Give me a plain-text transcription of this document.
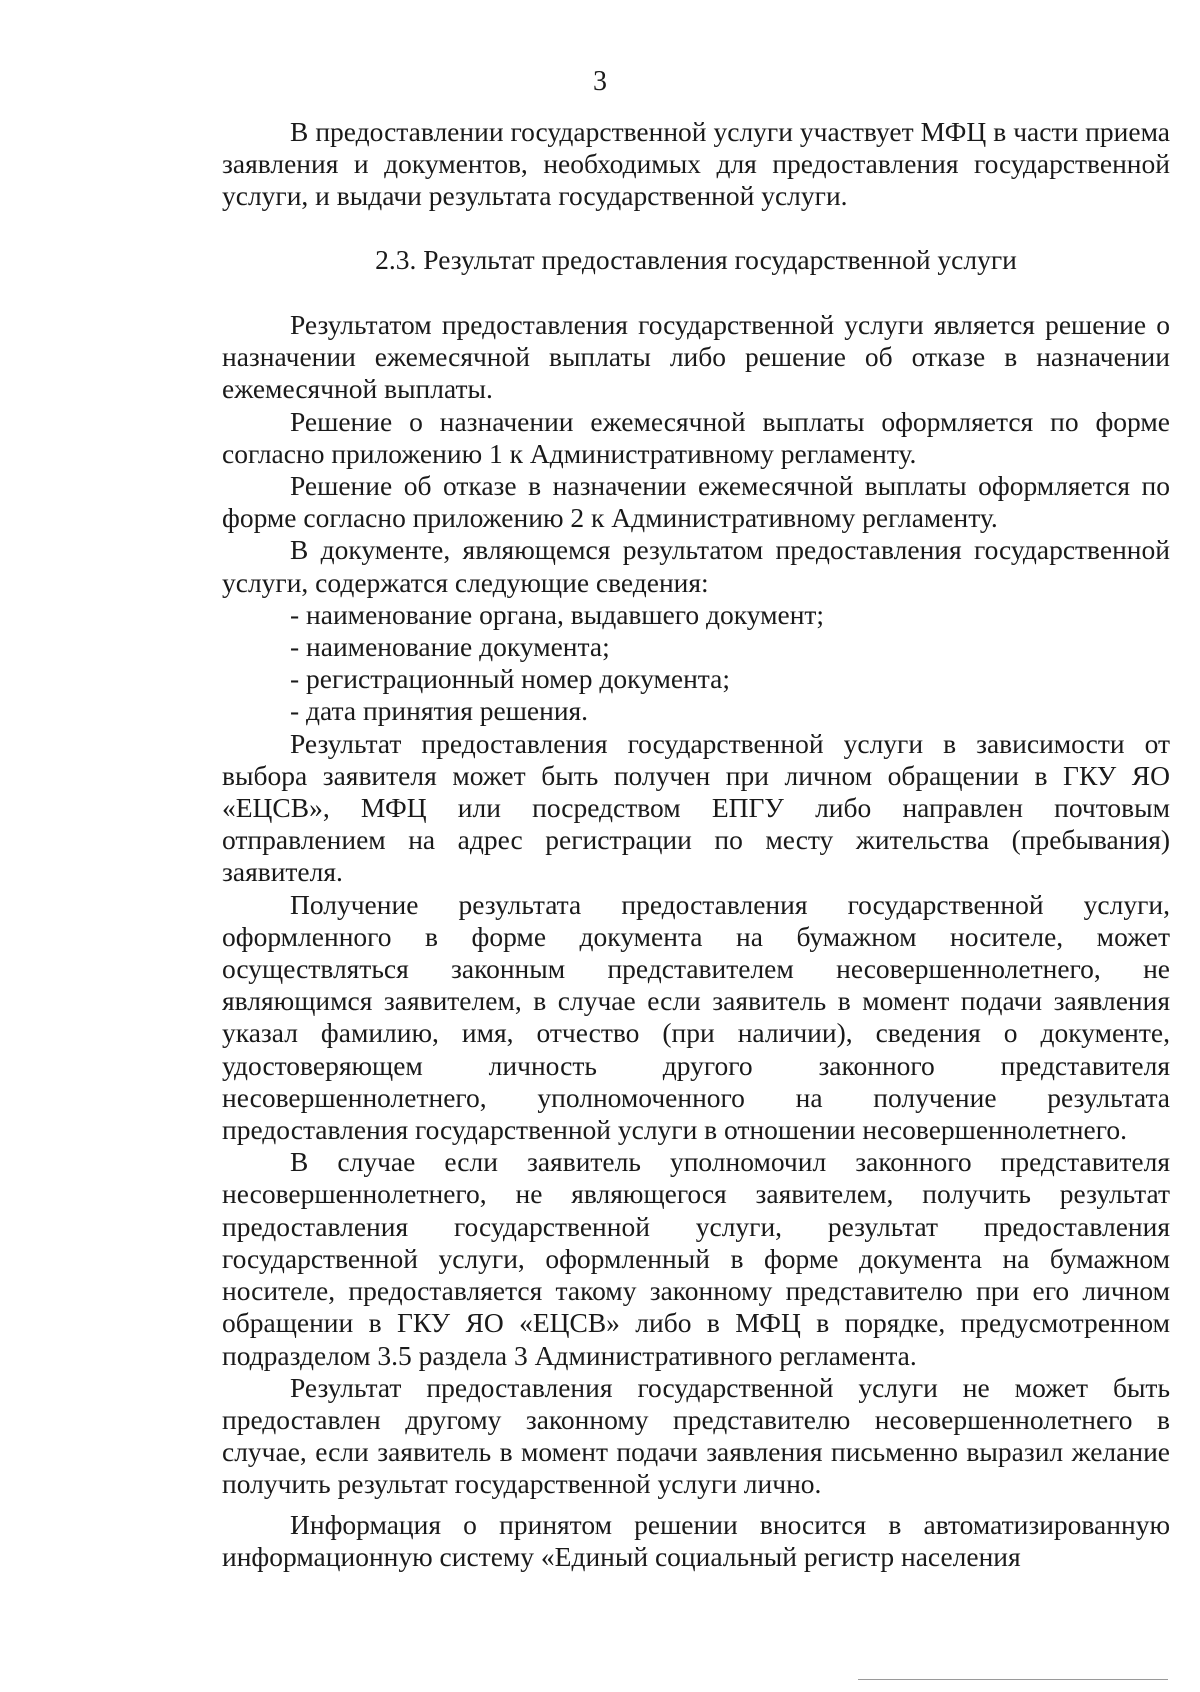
3

В предоставлении государственной услуги участвует МФЦ в части приема заявления и документов, необходимых для предоставления государственной услуги, и выдачи результата государственной услуги.

2.3. Результат предоставления государственной услуги

Результатом предоставления государственной услуги является решение о назначении ежемесячной выплаты либо решение об отказе в назначении ежемесячной выплаты.

Решение о назначении ежемесячной выплаты оформляется по форме согласно приложению 1 к Административному регламенту.

Решение об отказе в назначении ежемесячной выплаты оформляется по форме согласно приложению 2 к Административному регламенту.

В документе, являющемся результатом предоставления государственной услуги, содержатся следующие сведения:

- наименование органа, выдавшего документ;

- наименование документа;

- регистрационный номер документа;

- дата принятия решения.

Результат предоставления государственной услуги в зависимости от выбора заявителя может быть получен при личном обращении в ГКУ ЯО «ЕЦСВ», МФЦ или посредством ЕПГУ либо направлен почтовым отправлением на адрес регистрации по месту жительства (пребывания) заявителя.

Получение результата предоставления государственной услуги, оформленного в форме документа на бумажном носителе, может осуществляться законным представителем несовершеннолетнего, не являющимся заявителем, в случае если заявитель в момент подачи заявления указал фамилию, имя, отчество (при наличии), сведения о документе, удостоверяющем личность другого законного представителя несовершеннолетнего, уполномоченного на получение результата предоставления государственной услуги в отношении несовершеннолетнего.

В случае если заявитель уполномочил законного представителя несовершеннолетнего, не являющегося заявителем, получить результат предоставления государственной услуги, результат предоставления государственной услуги, оформленный в форме документа на бумажном носителе, предоставляется такому законному представителю при его личном обращении в ГКУ ЯО «ЕЦСВ» либо в МФЦ в порядке, предусмотренном подразделом 3.5 раздела 3 Административного регламента.

Результат предоставления государственной услуги не может быть предоставлен другому законному представителю несовершеннолетнего в случае, если заявитель в момент подачи заявления письменно выразил желание получить результат государственной услуги лично.

Информация о принятом решении вносится в автоматизированную информационную систему «Единый социальный регистр населения
